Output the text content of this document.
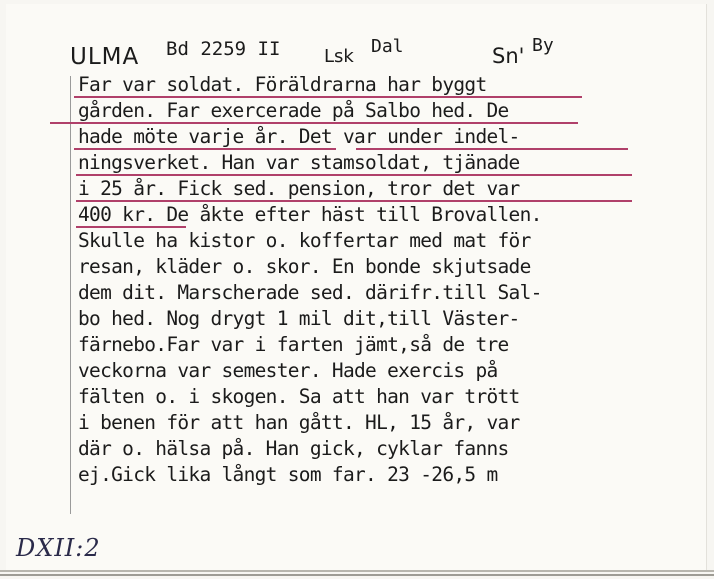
ULMA Bd 2259 II Lsk Dal	Sn' By
Far var soldat. Föräldrarna har byggt
gården. Far exercerade på Salbo hed. De
hade möte varje år. Det var under indel-
ningsverket. Han var stamsoldat, tjänade
i 25 år. Fick sed. pension, tror det var
400 kr. De åkte efter häst till Brovallen.
Skulle ha kistor o. koffertar med mat för
resan, kläder o. skor. En bonde skjutsade
dem dit. Marscherade sed. därifr.till Sal-
bo hed. Nog drygt 1 mil dit,till Väster-
färnebo.Far var i farten jämt,så de tre
veckorna var semester. Hade exercis på
fälten o. i skogen. Sa att han var trött
i benen för att han gått. HL, 15 år, var
där o. hälsa på. Han gick, cyklar fanns
ej.Gick lika långt som far. 23 -26,5 m
DXII:2
